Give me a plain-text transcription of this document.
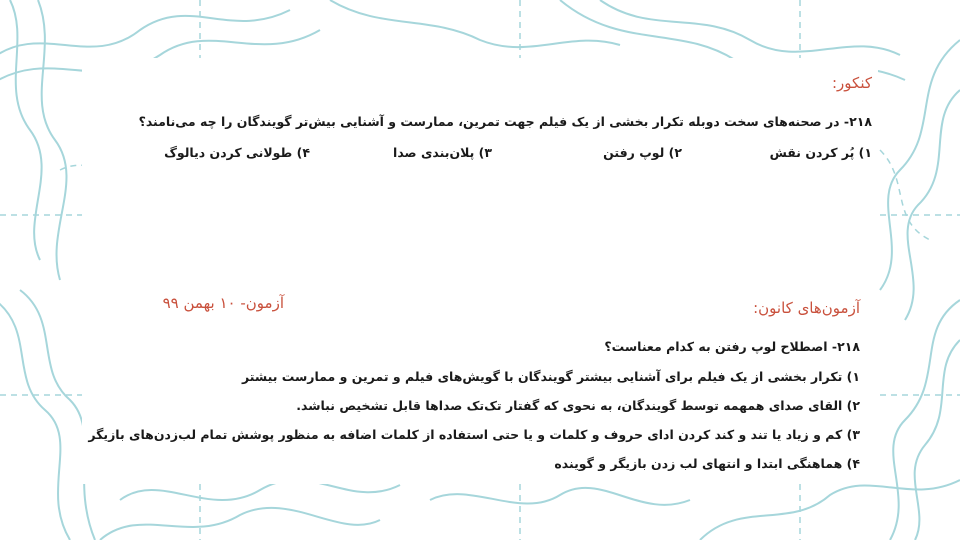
کنکور:
۲۱۸- در صحنه‌های سخت دوبله تکرار بخشی از یک فیلم جهت تمرین، ممارست و آشنایی بیش‌تر گویندگان را چه می‌نامند؟
۱) پُر کردن نقش
۲) لوپ رفتن
۳) پلان‌بندی صدا
۴) طولانی کردن دیالوگ
آزمون‌های کانون:
آزمون- ۱۰ بهمن ۹۹
۲۱۸- اصطلاح لوپ رفتن به کدام معناست؟
۱) تکرار بخشی از یک فیلم برای آشنایی بیشتر گویندگان با گویش‌های فیلم و تمرین و ممارست بیشتر
۲) القای صدای همهمه توسط گویندگان، به نحوی که گفتار تک‌تک صداها قابل تشخیص نباشد.
۳) کم و زیاد یا تند و کند کردن ادای حروف و کلمات و یا حتی استفاده از کلمات اضافه به منظور پوشش تمام لب‌زدن‌های بازیگر
۴) هماهنگی ابتدا و انتهای لب زدن بازیگر و گوینده
